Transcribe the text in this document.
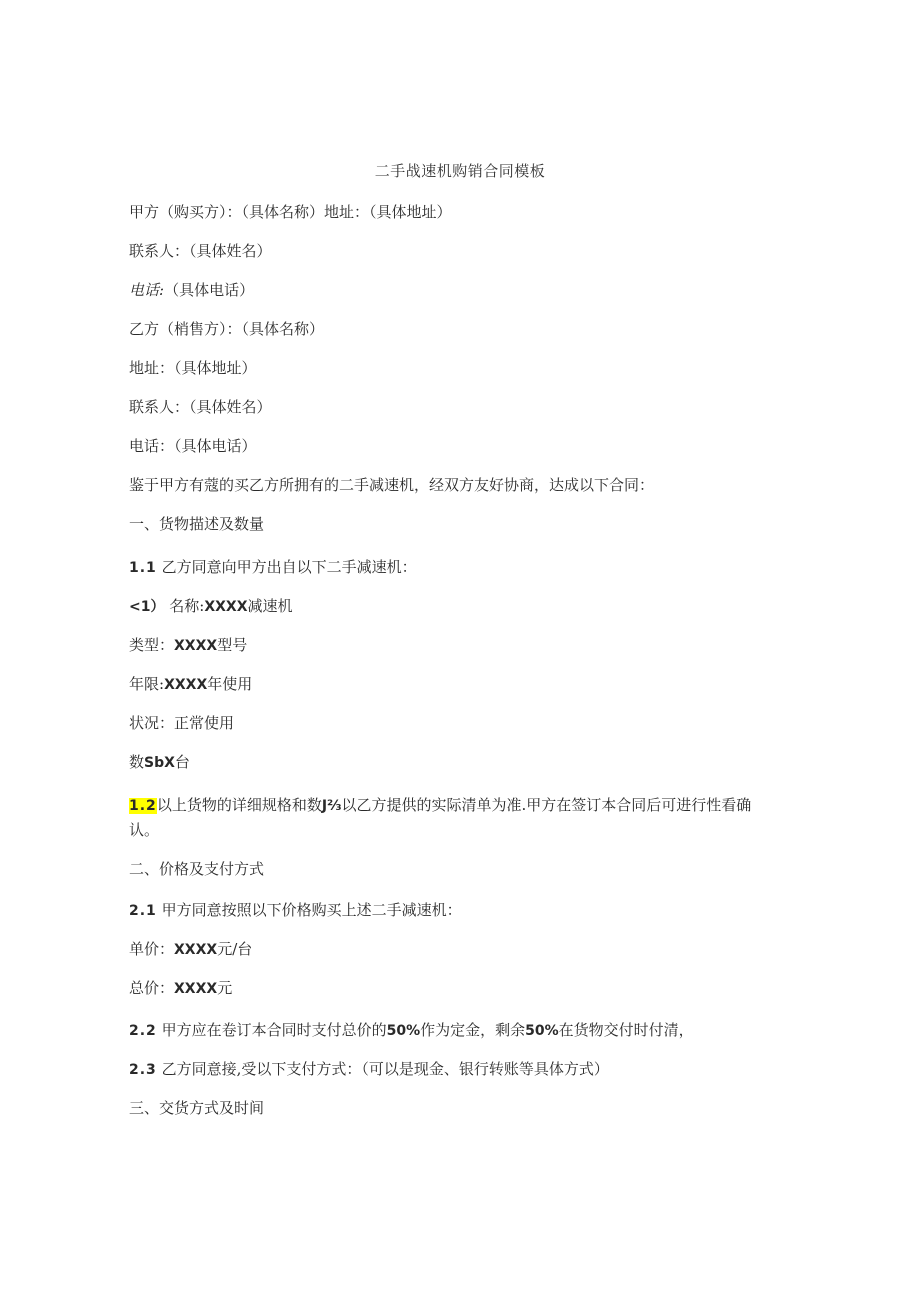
二手战速机购销合同模板
甲方（购买方）：（具体名称）地址：（具体地址）
联系人：（具体姓名）
电话:（具体电话）
乙方（梢售方）：（具体名称）
地址：（具体地址）
联系人：（具体姓名）
电话：（具体电话）
鉴于甲方有蔻的买乙方所拥有的二手减速机，经双方友好协商，达成以下合同：
一、货物描述及数量
1.1 乙方同意向甲方出自以下二手减速机：
<1） 名称:XXXX减速机
类型：XXXX型号
年限:XXXX年使用
状况：正常使用
数SbX台
1.2以上货物的详细规格和数J⅔以乙方提供的实际清单为准.甲方在签订本合同后可进行性看确认。
二、价格及支付方式
2.1 甲方同意按照以下价格购买上述二手减速机：
单价：XXXX元/台
总价：XXXX元
2.2 甲方应在卷订本合同时支付总价的50%作为定金，剩余50%在货物交付时付清，
2.3 乙方同意接,受以下支付方式：（可以是现金、银行转账等具体方式）
三、交货方式及时间
